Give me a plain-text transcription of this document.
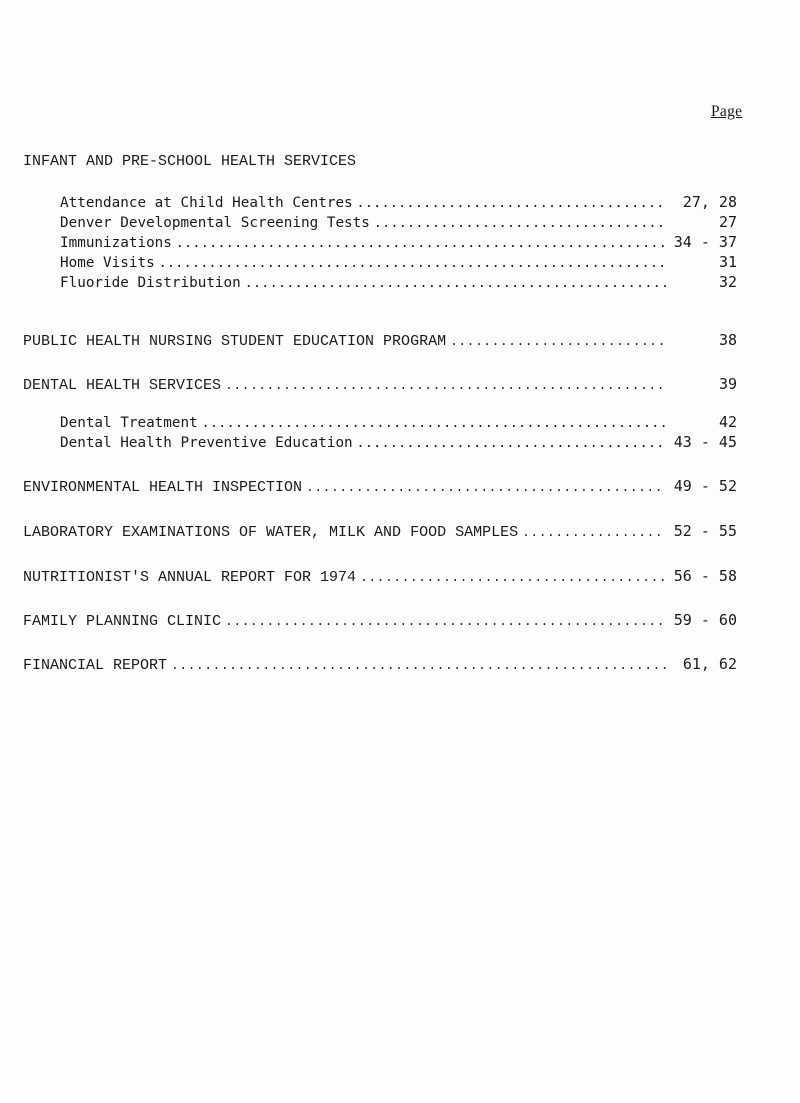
Page
INFANT AND PRE-SCHOOL HEALTH SERVICES
Attendance at Child Health Centres .....	27, 28
Denver Developmental Screening Tests .....	27
Immunizations .....	34 - 37
Home Visits .....	31
Fluoride Distribution .....	32
PUBLIC HEALTH NURSING STUDENT EDUCATION PROGRAM .....	38
DENTAL HEALTH SERVICES .....	39
Dental Treatment .....	42
Dental Health Preventive Education .....	43 - 45
ENVIRONMENTAL HEALTH INSPECTION .....	49 - 52
LABORATORY EXAMINATIONS OF WATER, MILK AND FOOD SAMPLES .....	52 - 55
NUTRITIONIST'S ANNUAL REPORT FOR 1974 .....	56 - 58
FAMILY PLANNING CLINIC .....	59 - 60
FINANCIAL REPORT .....	61, 62
